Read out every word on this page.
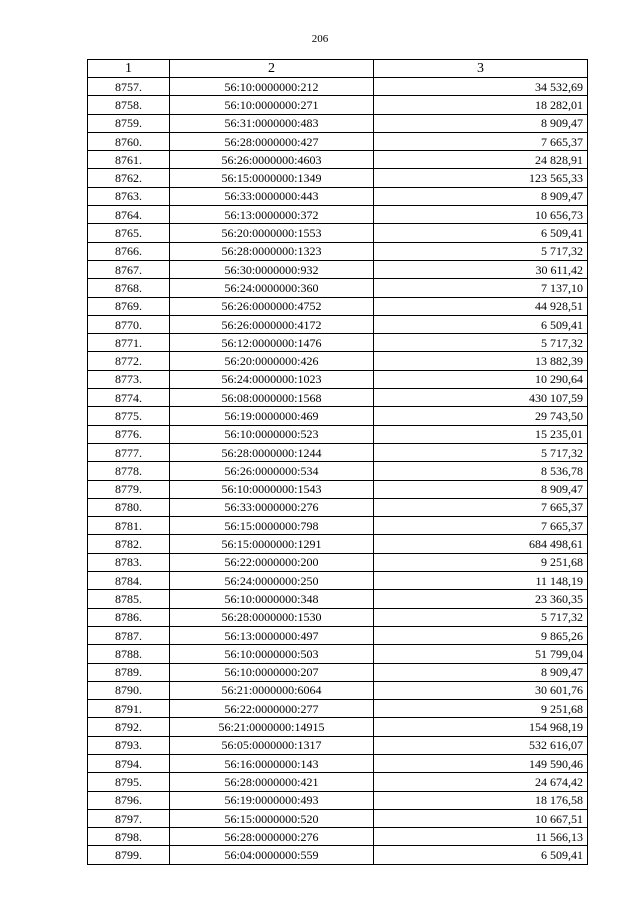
206
1	2	3
8757.	56:10:0000000:212	34 532,69
8758.	56:10:0000000:271	18 282,01
8759.	56:31:0000000:483	8 909,47
8760.	56:28:0000000:427	7 665,37
8761.	56:26:0000000:4603	24 828,91
8762.	56:15:0000000:1349	123 565,33
8763.	56:33:0000000:443	8 909,47
8764.	56:13:0000000:372	10 656,73
8765.	56:20:0000000:1553	6 509,41
8766.	56:28:0000000:1323	5 717,32
8767.	56:30:0000000:932	30 611,42
8768.	56:24:0000000:360	7 137,10
8769.	56:26:0000000:4752	44 928,51
8770.	56:26:0000000:4172	6 509,41
8771.	56:12:0000000:1476	5 717,32
8772.	56:20:0000000:426	13 882,39
8773.	56:24:0000000:1023	10 290,64
8774.	56:08:0000000:1568	430 107,59
8775.	56:19:0000000:469	29 743,50
8776.	56:10:0000000:523	15 235,01
8777.	56:28:0000000:1244	5 717,32
8778.	56:26:0000000:534	8 536,78
8779.	56:10:0000000:1543	8 909,47
8780.	56:33:0000000:276	7 665,37
8781.	56:15:0000000:798	7 665,37
8782.	56:15:0000000:1291	684 498,61
8783.	56:22:0000000:200	9 251,68
8784.	56:24:0000000:250	11 148,19
8785.	56:10:0000000:348	23 360,35
8786.	56:28:0000000:1530	5 717,32
8787.	56:13:0000000:497	9 865,26
8788.	56:10:0000000:503	51 799,04
8789.	56:10:0000000:207	8 909,47
8790.	56:21:0000000:6064	30 601,76
8791.	56:22:0000000:277	9 251,68
8792.	56:21:0000000:14915	154 968,19
8793.	56:05:0000000:1317	532 616,07
8794.	56:16:0000000:143	149 590,46
8795.	56:28:0000000:421	24 674,42
8796.	56:19:0000000:493	18 176,58
8797.	56:15:0000000:520	10 667,51
8798.	56:28:0000000:276	11 566,13
8799.	56:04:0000000:559	6 509,41
